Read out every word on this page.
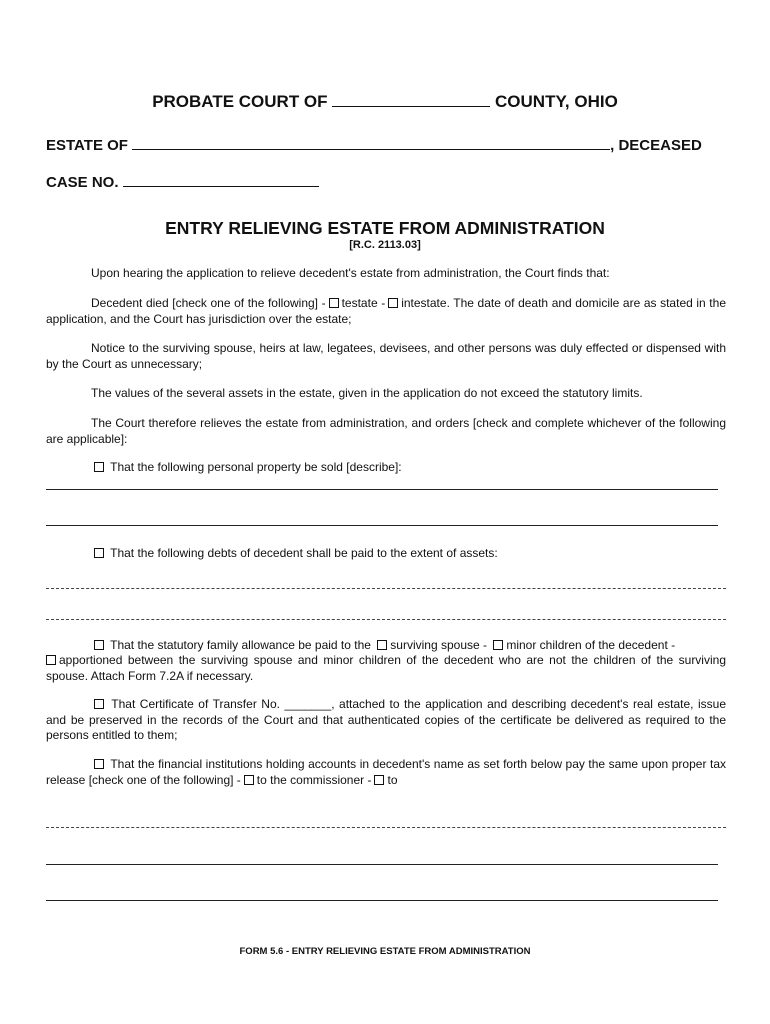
PROBATE COURT OF	COUNTY, OHIO
ESTATE OF	, DECEASED
CASE NO.
ENTRY RELIEVING ESTATE FROM ADMINISTRATION
[R.C. 2113.03]
Upon hearing the application to relieve decedent's estate from administration, the Court finds that:
Decedent died [check one of the following] - testate - intestate. The date of death and domicile are as stated in the application, and the Court has jurisdiction over the estate;
Notice to the surviving spouse, heirs at law, legatees, devisees, and other persons was duly effected or dispensed with by the Court as unnecessary;
The values of the several assets in the estate, given in the application do not exceed the statutory limits.
The Court therefore relieves the estate from administration, and orders [check and complete whichever of the following are applicable]:
That the following personal property be sold [describe]:
That the following debts of decedent shall be paid to the extent of assets:
That the statutory family allowance be paid to the surviving spouse - minor children of the decedent -
apportioned between the surviving spouse and minor children of the decedent who are not the children of the surviving spouse. Attach Form 7.2A if necessary.
That Certificate of Transfer No. _______, attached to the application and describing decedent's real estate, issue and be preserved in the records of the Court and that authenticated copies of the certificate be delivered as required to the persons entitled to them;
That the financial institutions holding accounts in decedent's name as set forth below pay the same upon proper tax release [check one of the following] - to the commissioner - to
FORM 5.6 - ENTRY RELIEVING ESTATE FROM ADMINISTRATION
